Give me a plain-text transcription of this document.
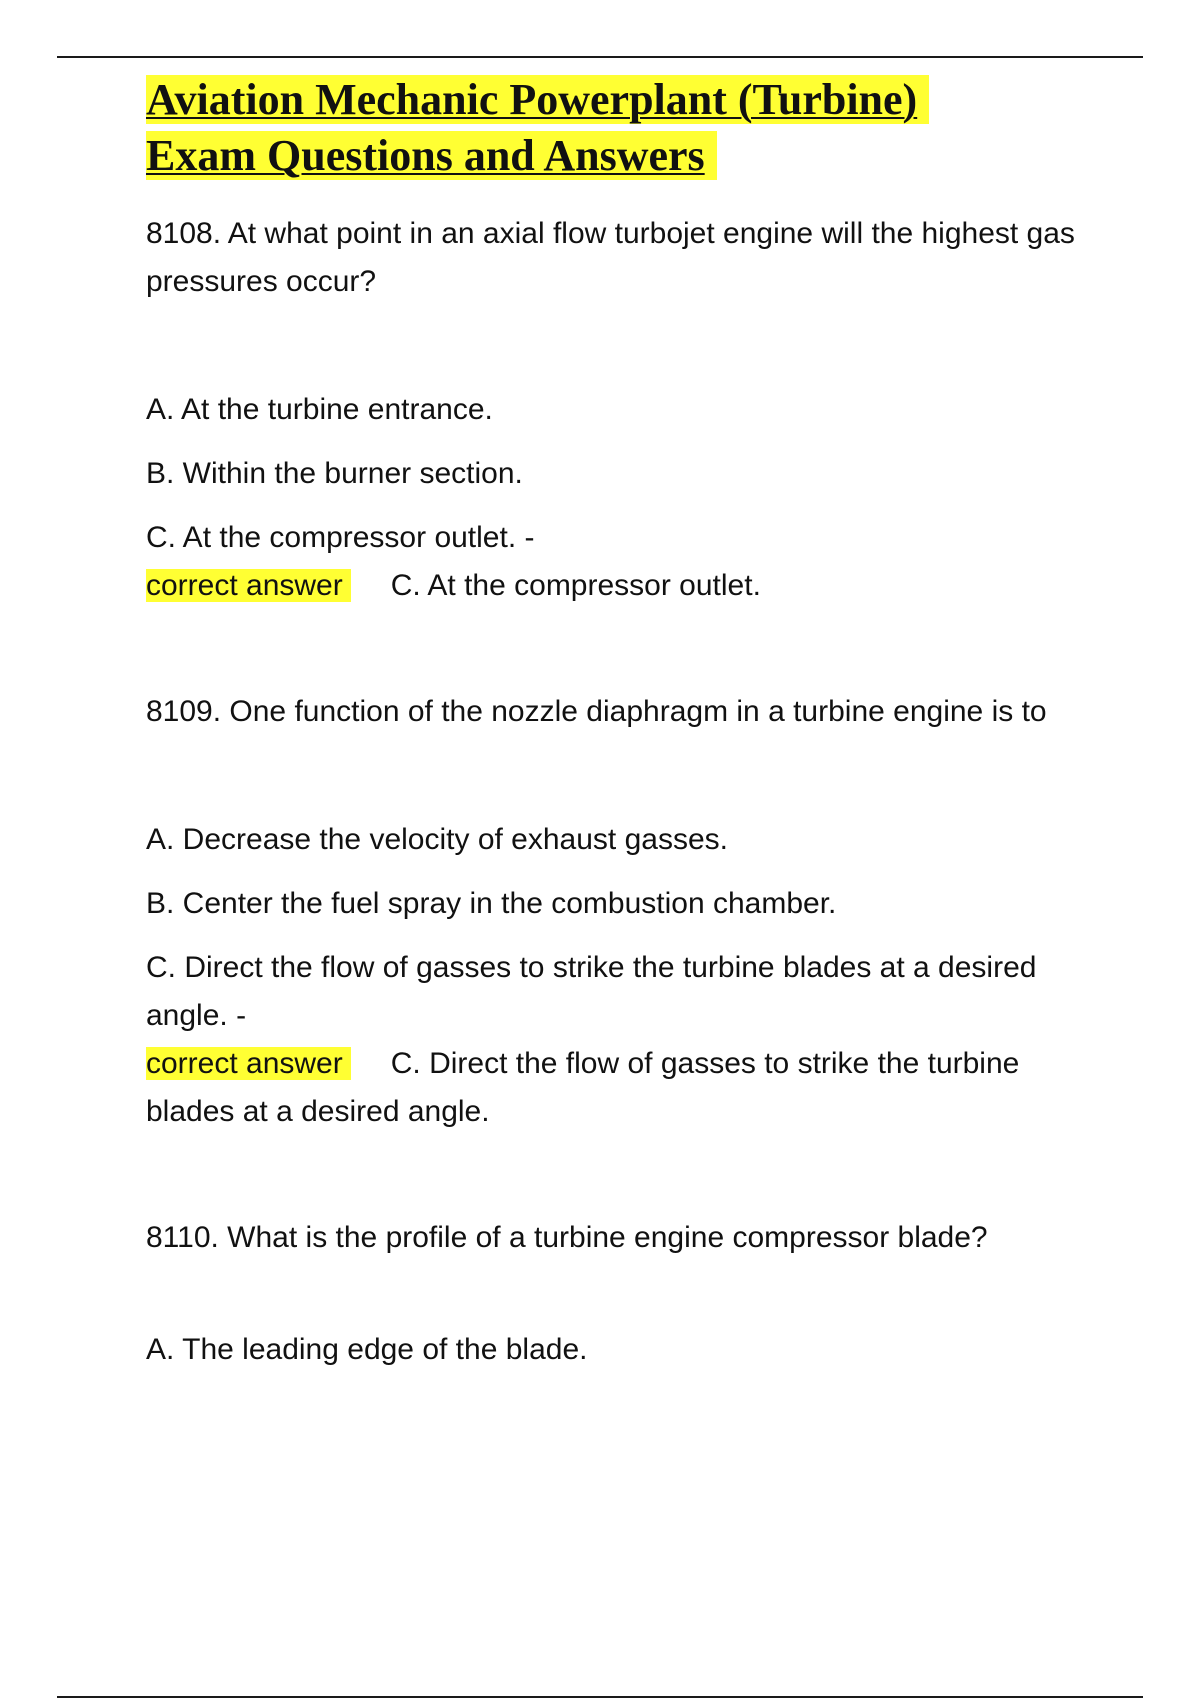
Aviation Mechanic Powerplant (Turbine)
Exam Questions and Answers

8108. At what point in an axial flow turbojet engine will the highest gas pressures occur?

A. At the turbine entrance.

B. Within the burner section.

C. At the compressor outlet. -

correct answer C. At the compressor outlet.

8109. One function of the nozzle diaphragm in a turbine engine is to

A. Decrease the velocity of exhaust gasses.

B. Center the fuel spray in the combustion chamber.

C. Direct the flow of gasses to strike the turbine blades at a desired angle. -

correct answer C. Direct the flow of gasses to strike the turbine blades at a desired angle.

8110. What is the profile of a turbine engine compressor blade?

A. The leading edge of the blade.
